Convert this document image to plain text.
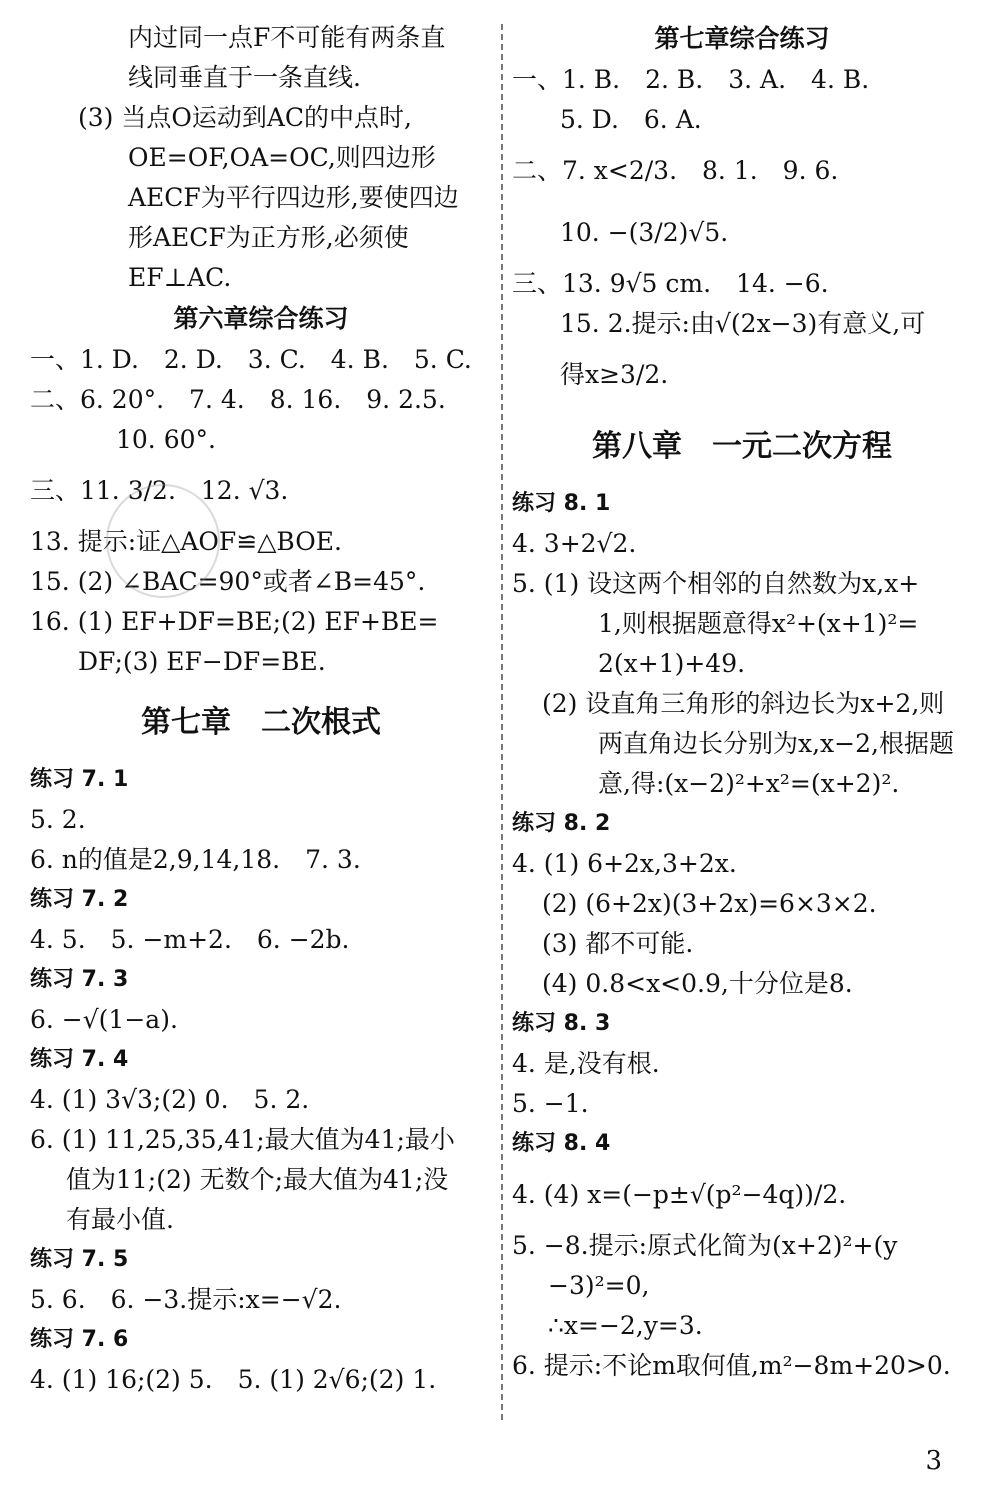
内过同一点F不可能有两条直
线同垂直于一条直线.
(3) 当点O运动到AC的中点时,
OE=OF,OA=OC,则四边形
AECF为平行四边形,要使四边
形AECF为正方形,必须使
EF⊥AC.
第六章综合练习
一、1. D.　2. D.　3. C.　4. B.　5. C.
二、6. 20°.　7. 4.　8. 16.　9. 2.5.
10. 60°.
三、11. 3/2.　12. √3.
13. 提示:证△AOF≌△BOE.
15. (2) ∠BAC=90°或者∠B=45°.
16. (1) EF+DF=BE;(2) EF+BE=
DF;(3) EF−DF=BE.
第七章　二次根式
练习 7. 1
5. 2.
6. n的值是2,9,14,18.　7. 3.
练习 7. 2
4. 5.　5. −m+2.　6. −2b.
练习 7. 3
6. −√(1−a).
练习 7. 4
4. (1) 3√3;(2) 0.　5. 2.
6. (1) 11,25,35,41;最大值为41;最小
值为11;(2) 无数个;最大值为41;没
有最小值.
练习 7. 5
5. 6.　6. −3.提示:x=−√2.
练习 7. 6
4. (1) 16;(2) 5.　5. (1) 2√6;(2) 1.
第七章综合练习
一、1. B.　2. B.　3. A.　4. B.
5. D.　6. A.
二、7. x<2/3.　8. 1.　9. 6.
10. −(3/2)√5.
三、13. 9√5 cm.　14. −6.
15. 2.提示:由√(2x−3)有意义,可
得x≥3/2.
第八章　一元二次方程
练习 8. 1
4. 3+2√2.
5. (1) 设这两个相邻的自然数为x,x+
1,则根据题意得x²+(x+1)²=
2(x+1)+49.
(2) 设直角三角形的斜边长为x+2,则
两直角边长分别为x,x−2,根据题
意,得:(x−2)²+x²=(x+2)².
练习 8. 2
4. (1) 6+2x,3+2x.
(2) (6+2x)(3+2x)=6×3×2.
(3) 都不可能.
(4) 0.8<x<0.9,十分位是8.
练习 8. 3
4. 是,没有根.
5. −1.
练习 8. 4
4. (4) x=(−p±√(p²−4q))/2.
5. −8.提示:原式化简为(x+2)²+(y
−3)²=0,
∴x=−2,y=3.
6. 提示:不论m取何值,m²−8m+20>0.
3
